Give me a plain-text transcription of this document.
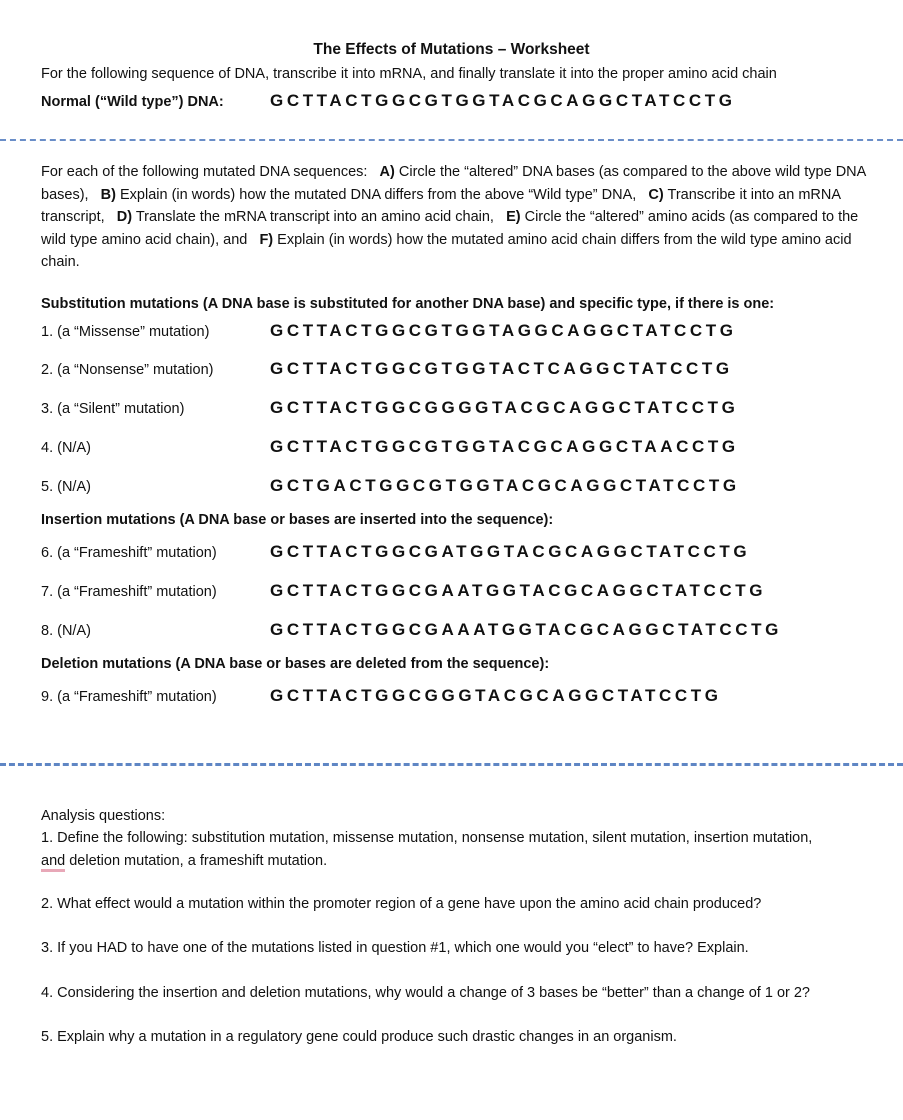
The Effects of Mutations – Worksheet
For the following sequence of DNA, transcribe it into mRNA, and finally translate it into the proper amino acid chain
Normal (“Wild type”) DNA:	GCTTACTGGCGTGGTACGCAGGCTATCCTG
For each of the following mutated DNA sequences: A) Circle the “altered” DNA bases (as compared to the above wild type DNA bases), B) Explain (in words) how the mutated DNA differs from the above “Wild type” DNA, C) Transcribe it into an mRNA transcript, D) Translate the mRNA transcript into an amino acid chain, E) Circle the “altered” amino acids (as compared to the wild type amino acid chain), and F) Explain (in words) how the mutated amino acid chain differs from the wild type amino acid chain.
Substitution mutations (A DNA base is substituted for another DNA base) and specific type, if there is one:
1. (a “Missense” mutation)	GCTTACTGGCGTGGTAGGCAGGCTATCCTG
2. (a “Nonsense” mutation)	GCTTACTGGCGTGGTACTCAGGCTATCCTG
3. (a “Silent” mutation)	GCTTACTGGCGGGGTACGCAGGCTATCCTG
4. (N/A)	GCTTACTGGCGTGGTACGCAGGCTAACCTG
5. (N/A)	GCTGACTGGCGTGGTACGCAGGCTATCCTG
Insertion mutations (A DNA base or bases are inserted into the sequence):
6. (a “Frameshift” mutation)	GCTTACTGGCGATGGTACGCAGGCTATCCTG
7. (a “Frameshift” mutation)	GCTTACTGGCGAATGGTACGCAGGCTATCCTG
8. (N/A)	GCTTACTGGCGAAATGGTACGCAGGCTATCCTG
Deletion mutations (A DNA base or bases are deleted from the sequence):
9. (a “Frameshift” mutation)	GCTTACTGGCGGGTACGCAGGCTATCCTG
Analysis questions:
1. Define the following: substitution mutation, missense mutation, nonsense mutation, silent mutation, insertion mutation, and deletion mutation, a frameshift mutation.
2. What effect would a mutation within the promoter region of a gene have upon the amino acid chain produced?
3. If you HAD to have one of the mutations listed in question #1, which one would you “elect” to have? Explain.
4. Considering the insertion and deletion mutations, why would a change of 3 bases be “better” than a change of 1 or 2?
5. Explain why a mutation in a regulatory gene could produce such drastic changes in an organism.
